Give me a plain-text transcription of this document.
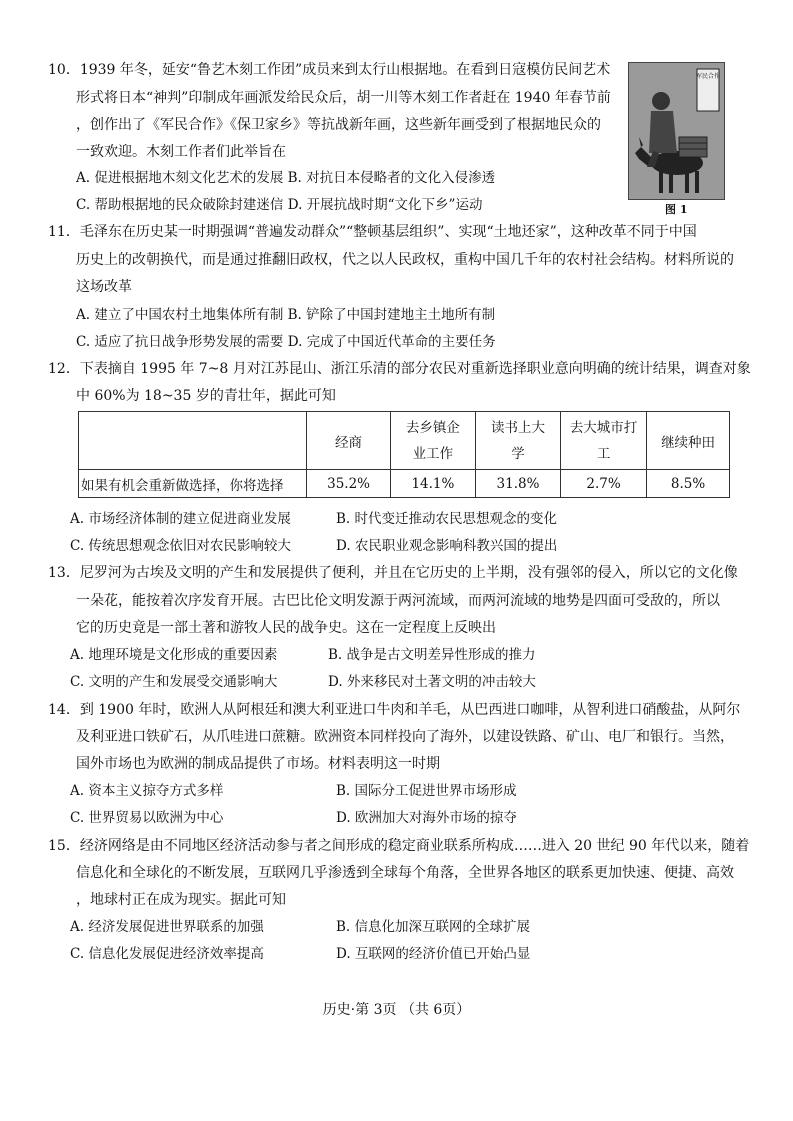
10．1939 年冬，延安“鲁艺木刻工作团”成员来到太行山根据地。在看到日寇模仿民间艺术
形式将日本“神判”印制成年画派发给民众后，胡一川等木刻工作者赶在 1940 年春节前
，创作出了《军民合作》《保卫家乡》等抗战新年画，这些新年画受到了根据地民众的
一致欢迎。木刻工作者们此举旨在
A. 促进根据地木刻文化艺术的发展 B. 对抗日本侵略者的文化入侵渗透
C. 帮助根据地的民众破除封建迷信 D. 开展抗战时期“文化下乡”运动
军民合作
图 1
11．毛泽东在历史某一时期强调“普遍发动群众”“整顿基层组织”、实现“土地还家”，这种改革不同于中国
历史上的改朝换代，而是通过推翻旧政权，代之以人民政权，重构中国几千年的农村社会结构。材料所说的
这场改革
A. 建立了中国农村土地集体所有制 B. 铲除了中国封建地主土地所有制
C. 适应了抗日战争形势发展的需要 D. 完成了中国近代革命的主要任务
12．下表摘自 1995 年 7~8 月对江苏昆山、浙江乐清的部分农民对重新选择职业意向明确的统计结果，调查对象
中 60%为 18~35 岁的青壮年，据此可知
	经商	去乡镇企业工作	读书上大学	去大城市打工	继续种田
如果有机会重新做选择，你将选择	35.2%	14.1%	31.8%	2.7%	8.5%
A. 市场经济体制的建立促进商业发展	B. 时代变迁推动农民思想观念的变化
C. 传统思想观念依旧对农民影响较大	D. 农民职业观念影响科教兴国的提出
13．尼罗河为古埃及文明的产生和发展提供了便利，并且在它历史的上半期，没有强邻的侵入，所以它的文化像
一朵花，能按着次序发育开展。古巴比伦文明发源于两河流域，而两河流域的地势是四面可受敌的，所以
它的历史竟是一部土著和游牧人民的战争史。这在一定程度上反映出
A. 地理环境是文化形成的重要因素	B. 战争是古文明差异性形成的推力
C. 文明的产生和发展受交通影响大	D. 外来移民对土著文明的冲击较大
14．到 1900 年时，欧洲人从阿根廷和澳大利亚进口牛肉和羊毛，从巴西进口咖啡，从智利进口硝酸盐，从阿尔
及利亚进口铁矿石，从爪哇进口蔗糖。欧洲资本同样投向了海外，以建设铁路、矿山、电厂和银行。当然，
国外市场也为欧洲的制成品提供了市场。材料表明这一时期
A. 资本主义掠夺方式多样	B. 国际分工促进世界市场形成
C. 世界贸易以欧洲为中心	D. 欧洲加大对海外市场的掠夺
15．经济网络是由不同地区经济活动参与者之间形成的稳定商业联系所构成……进入 20 世纪 90 年代以来，随着
信息化和全球化的不断发展，互联网几乎渗透到全球每个角落，全世界各地区的联系更加快速、便捷、高效
，地球村正在成为现实。据此可知
A. 经济发展促进世界联系的加强	B. 信息化加深互联网的全球扩展
C. 信息化发展促进经济效率提高	D. 互联网的经济价值已开始凸显
历史·第 3页 （共 6页）
